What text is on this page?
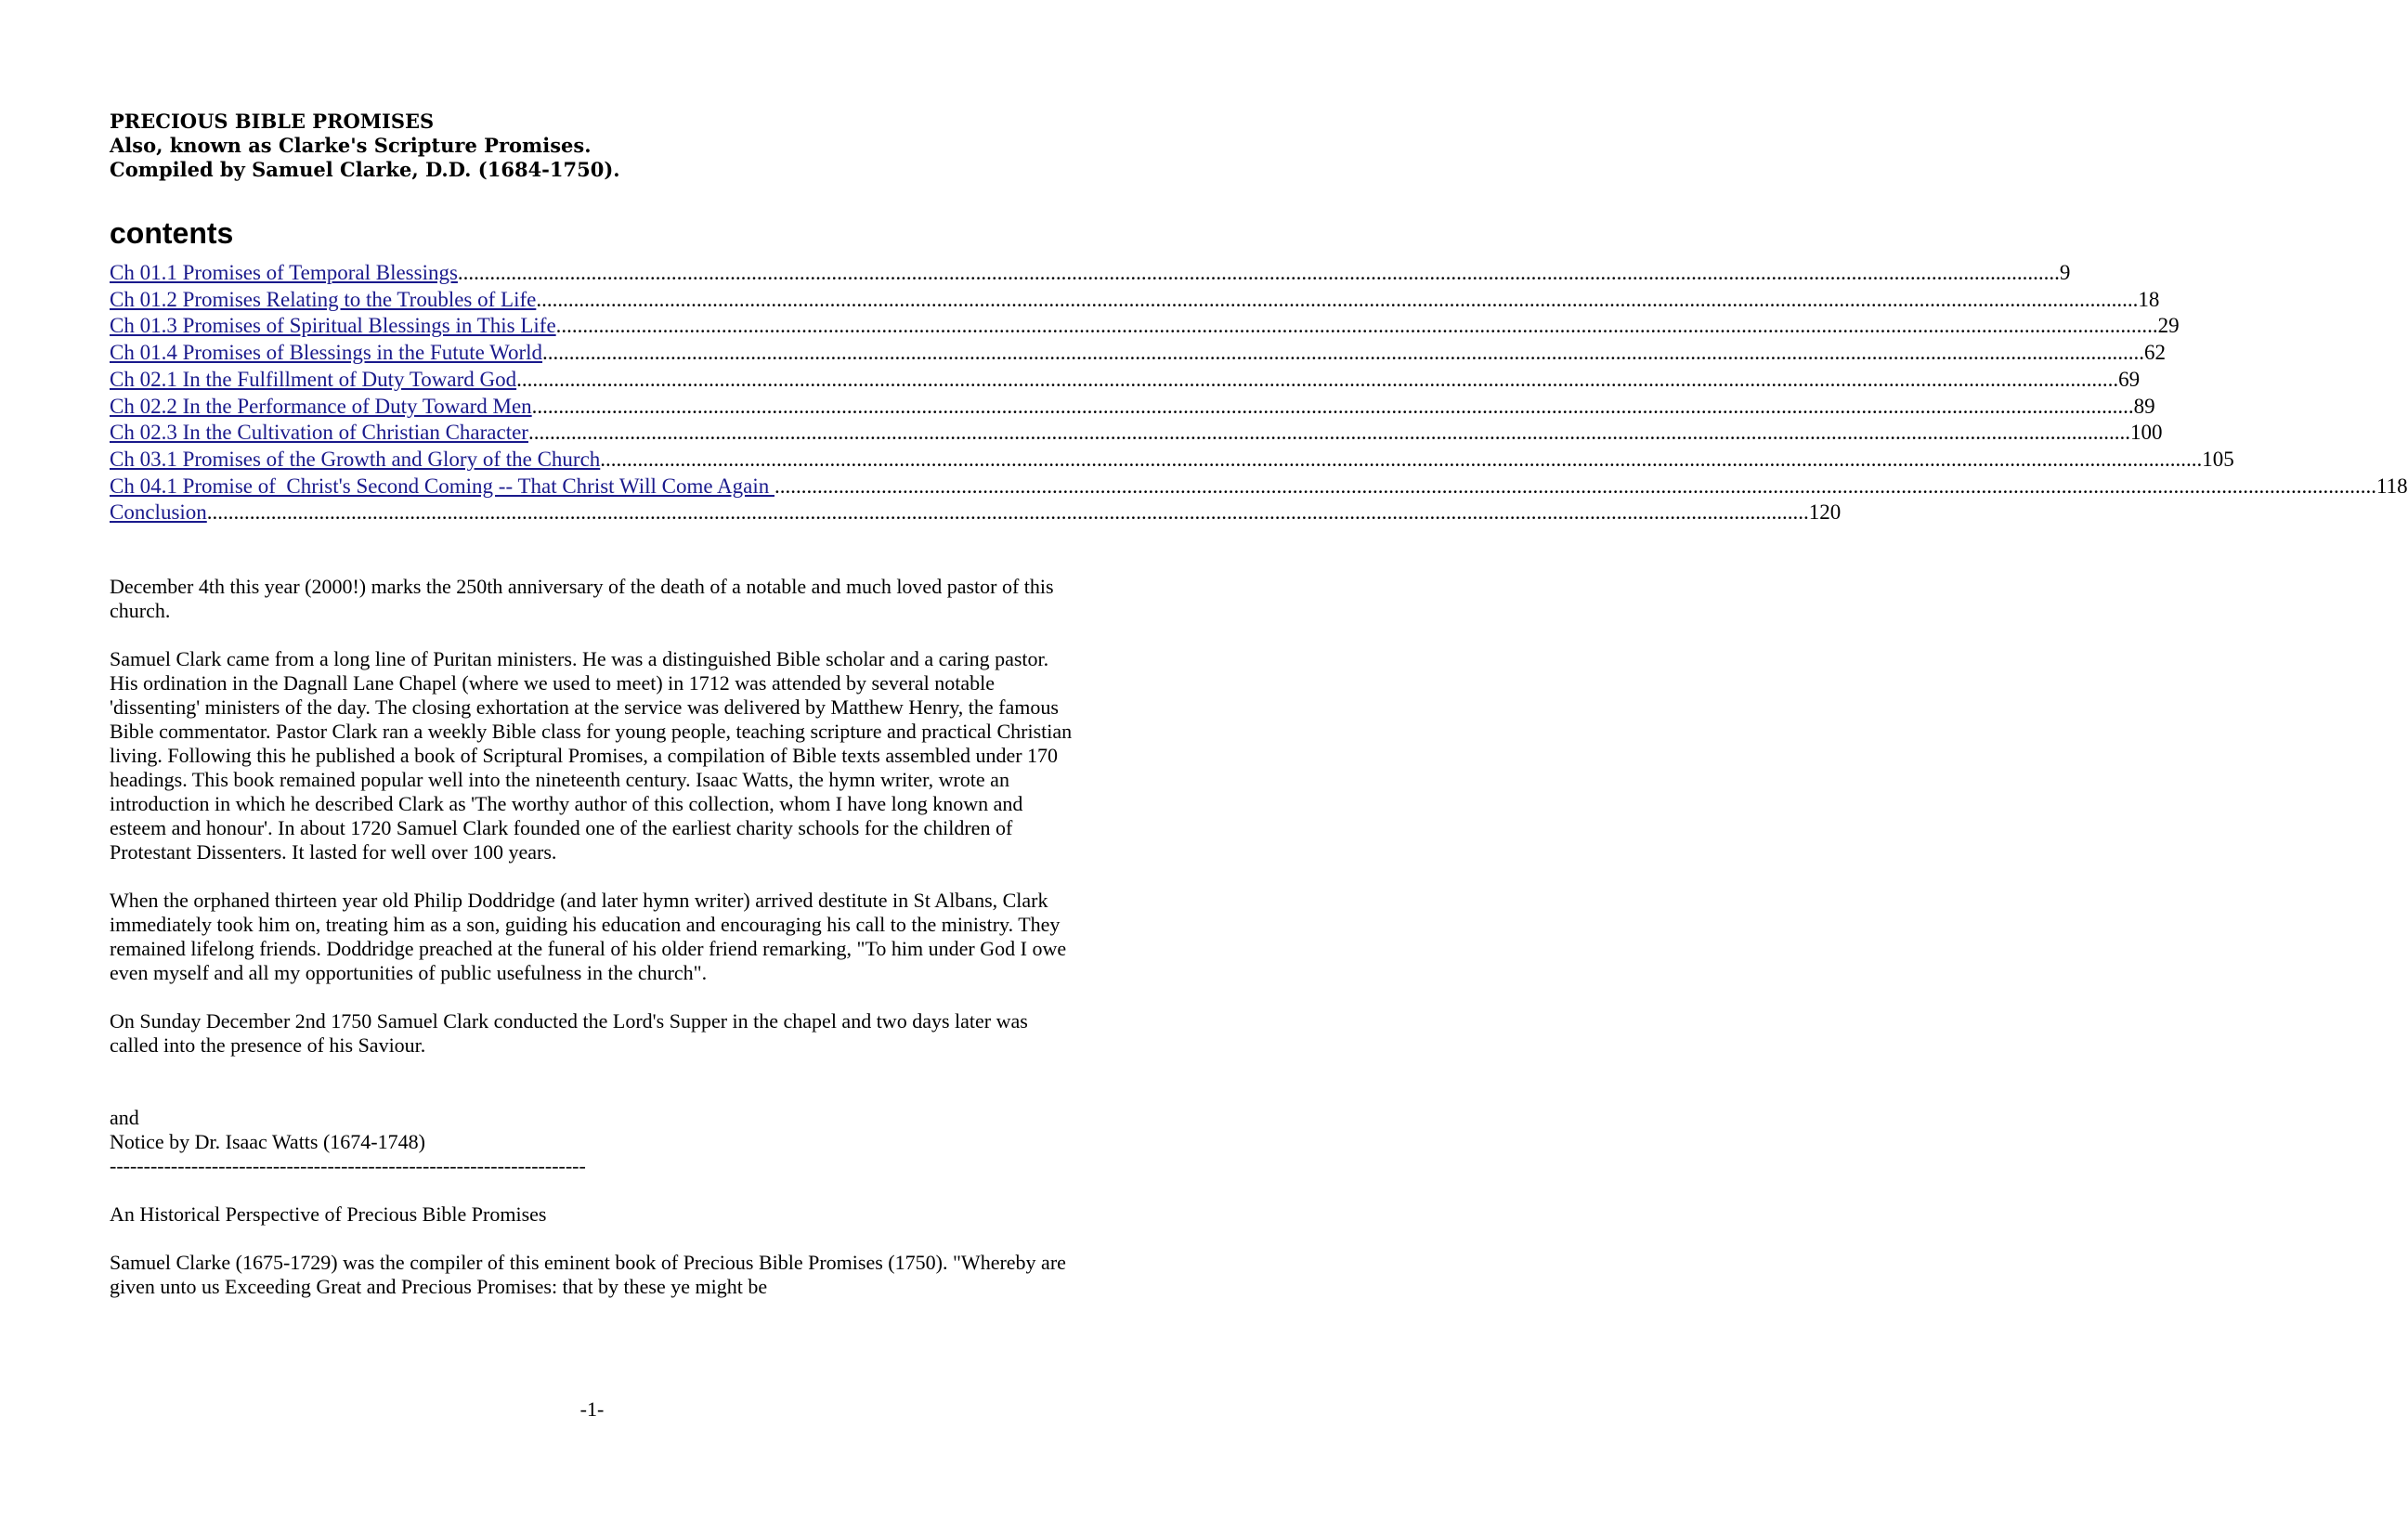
PRECIOUS BIBLE PROMISES
Also, known as Clarke's Scripture Promises.
Compiled by Samuel Clarke, D.D. (1684-1750).
contents
Ch 01.1 Promises of Temporal Blessings ............................................................................................................................................................................................................................................................................................................ 9
Ch 01.2 Promises Relating to the Troubles of Life ............................................................................................................................................................................................................................................................................................................ 18
Ch 01.3 Promises of Spiritual Blessings in This Life ............................................................................................................................................................................................................................................................................................................ 29
Ch 01.4 Promises of Blessings in the Futute World ............................................................................................................................................................................................................................................................................................................ 62
Ch 02.1 In the Fulfillment of Duty Toward God ............................................................................................................................................................................................................................................................................................................ 69
Ch 02.2 In the Performance of Duty Toward Men ............................................................................................................................................................................................................................................................................................................ 89
Ch 02.3 In the Cultivation of Christian Character ............................................................................................................................................................................................................................................................................................................ 100
Ch 03.1 Promises of the Growth and Glory of the Church ............................................................................................................................................................................................................................................................................................................ 105
Ch 04.1 Promise of  Christ's Second Coming -- That Christ Will Come Again ............................................................................................................................................................................................................................................................................................................ 118
Conclusion ............................................................................................................................................................................................................................................................................................................ 120

December 4th this year (2000!) marks the 250th anniversary of the death of a notable and much loved pastor of this church.

Samuel Clark came from a long line of Puritan ministers. He was a distinguished Bible scholar and a caring pastor. His ordination in the Dagnall Lane Chapel (where we used to meet) in 1712 was attended by several notable 'dissenting' ministers of the day. The closing exhortation at the service was delivered by Matthew Henry, the famous Bible commentator. Pastor Clark ran a weekly Bible class for young people, teaching scripture and practical Christian living. Following this he published a book of Scriptural Promises, a compilation of Bible texts assembled under 170 headings. This book remained popular well into the nineteenth century. Isaac Watts, the hymn writer, wrote an introduction in which he described Clark as 'The worthy author of this collection, whom I have long known and esteem and honour'. In about 1720 Samuel Clark founded one of the earliest charity schools for the children of Protestant Dissenters. It lasted for well over 100 years.

When the orphaned thirteen year old Philip Doddridge (and later hymn writer) arrived destitute in St Albans, Clark immediately took him on, treating him as a son, guiding his education and encouraging his call to the ministry. They remained lifelong friends. Doddridge preached at the funeral of his older friend remarking, "To him under God I owe even myself and all my opportunities of public usefulness in the church".

On Sunday December 2nd 1750 Samuel Clark conducted the Lord's Supper in the chapel and two days later was called into the presence of his Saviour.

and
Notice by Dr. Isaac Watts (1674-1748)
----------------------------------------------------------------------

An Historical Perspective of Precious Bible Promises

Samuel Clarke (1675-1729) was the compiler of this eminent book of Precious Bible Promises (1750). "Whereby are given unto us Exceeding Great and Precious Promises: that by these ye might be

-1-
